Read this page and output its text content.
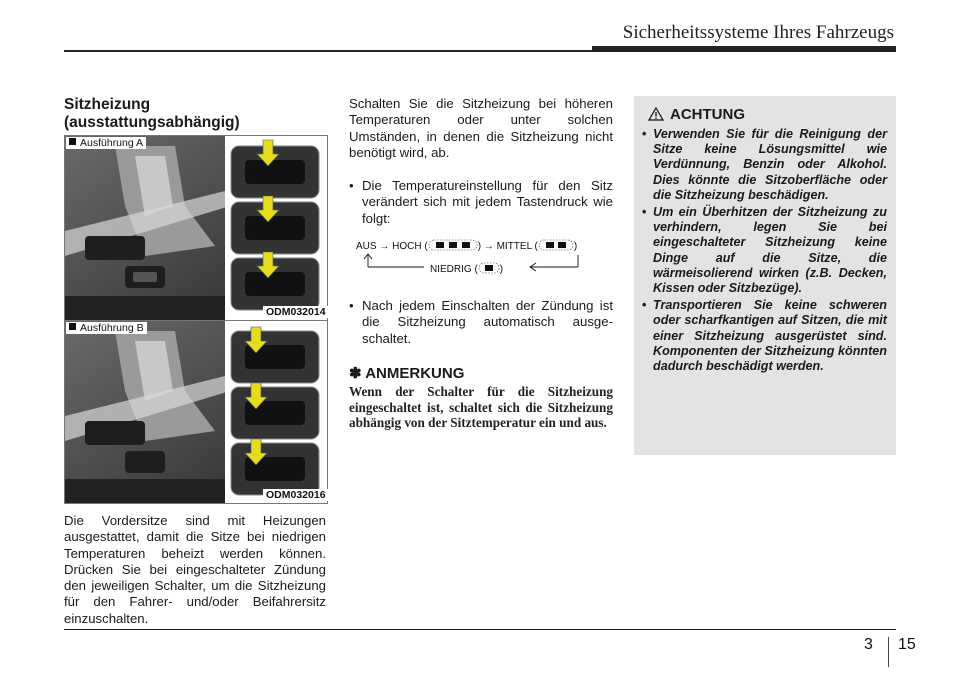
Sicherheitssysteme Ihres Fahrzeugs
Sitzheizung
(ausstattungsabhängig)
Ausführung A
ODM032014
Ausführung B
ODM032016

Die Vordersitze sind mit Heizungen ausgestattet, damit die Sitze bei niedrigen Temperaturen beheizt werden können. Drücken Sie bei eingeschalteter Zündung den jeweiligen Schalter, um die Sitzheizung für den Fahrer- und/oder Beifahrersitz einzuschalten.

Schalten Sie die Sitzheizung bei höheren Temperaturen oder unter solchen Umständen, in denen die Sitzheizung nicht benötigt wird, ab.

• Die Temperatureinstellung für den Sitz verändert sich mit jedem Tastendruck wie folgt:
AUS → HOCH (	) → MITTEL (	)
NIEDRIG ( )
• Nach jedem Einschalten der Zündung ist die Sitzheizung automatisch ausge-schaltet.
✽ ANMERKUNG

Wenn der Schalter für die Sitzheizung eingeschaltet ist, schaltet sich die Sitzheizung abhängig von der Sitztemperatur ein und aus.

ACHTUNG
• Verwenden Sie für die Reinigung der Sitze keine Lösungsmittel wie Verdünnung, Benzin oder Alkohol. Dies könnte die Sitzoberfläche oder die Sitzheizung beschädigen.
• Um ein Überhitzen der Sitzheizung zu verhindern, legen Sie bei eingeschalteter Sitzheizung keine Dinge auf die Sitze, die wärmeisolierend wirken (z.B. Decken, Kissen oder Sitzbezüge).
• Transportieren Sie keine schweren oder scharfkantigen auf Sitzen, die mit einer Sitzheizung ausgerüstet sind. Komponenten der Sitzheizung könnten dadurch beschädigt werden.
3 15
